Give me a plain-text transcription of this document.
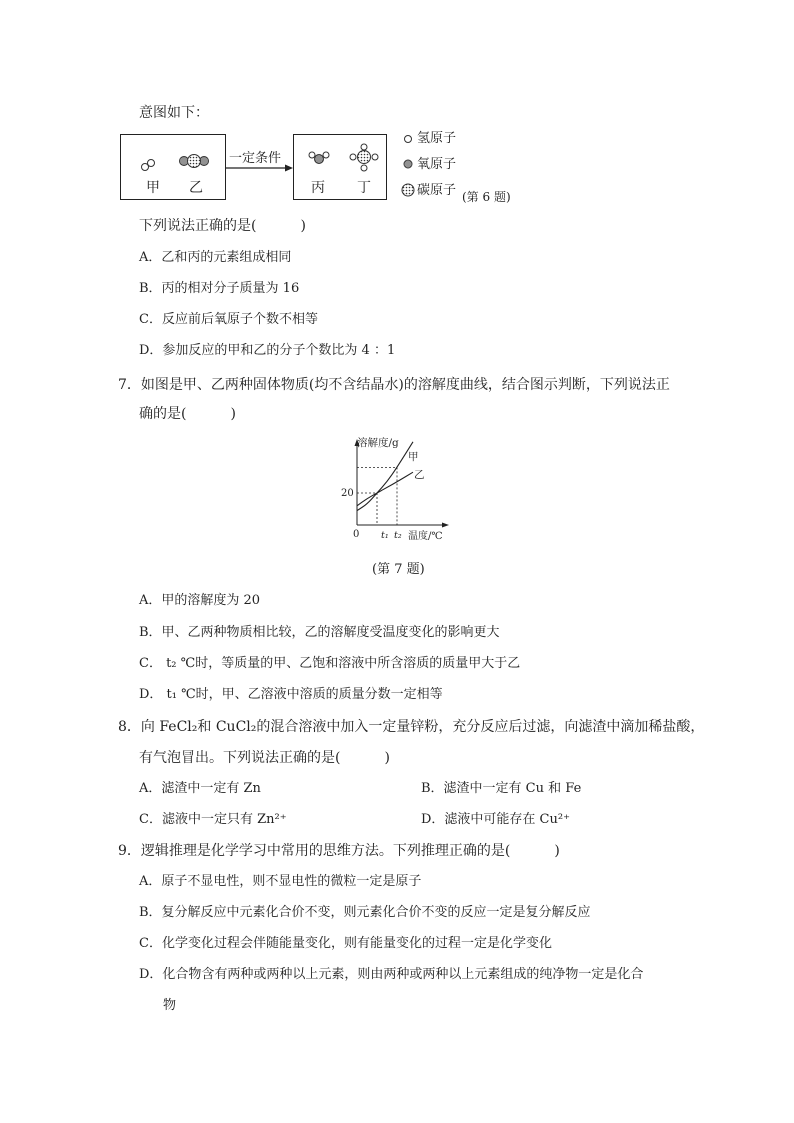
意图如下：
甲 乙
一定条件
丙 丁
氢原子
氧原子
碳原子 (第 6 题)
下列说法正确的是(	)
A．乙和丙的元素组成相同
B．丙的相对分子质量为 16
C．反应前后氧原子个数不相等
D．参加反应的甲和乙的分子个数比为 4 ：1
7．如图是甲、乙两种固体物质(均不含结晶水)的溶解度曲线，结合图示判断，下列说法正
确的是(	)
溶解度/g
甲
乙
20
0 t₁ t₂ 温度/℃
(第 7 题)
A．甲的溶解度为 20
B．甲、乙两种物质相比较，乙的溶解度受温度变化的影响更大
C． t₂ ℃时，等质量的甲、乙饱和溶液中所含溶质的质量甲大于乙
D． t₁ ℃时，甲、乙溶液中溶质的质量分数一定相等
8．向 FeCl₂和 CuCl₂的混合溶液中加入一定量锌粉，充分反应后过滤，向滤渣中滴加稀盐酸，
有气泡冒出。下列说法正确的是(	)
A．滤渣中一定有 Zn	B．滤渣中一定有 Cu 和 Fe
C．滤液中一定只有 Zn²⁺	D．滤液中可能存在 Cu²⁺
9．逻辑推理是化学学习中常用的思维方法。下列推理正确的是(	)
A．原子不显电性，则不显电性的微粒一定是原子
B．复分解反应中元素化合价不变，则元素化合价不变的反应一定是复分解反应
C．化学变化过程会伴随能量变化，则有能量变化的过程一定是化学变化
D．化合物含有两种或两种以上元素，则由两种或两种以上元素组成的纯净物一定是化合
物
